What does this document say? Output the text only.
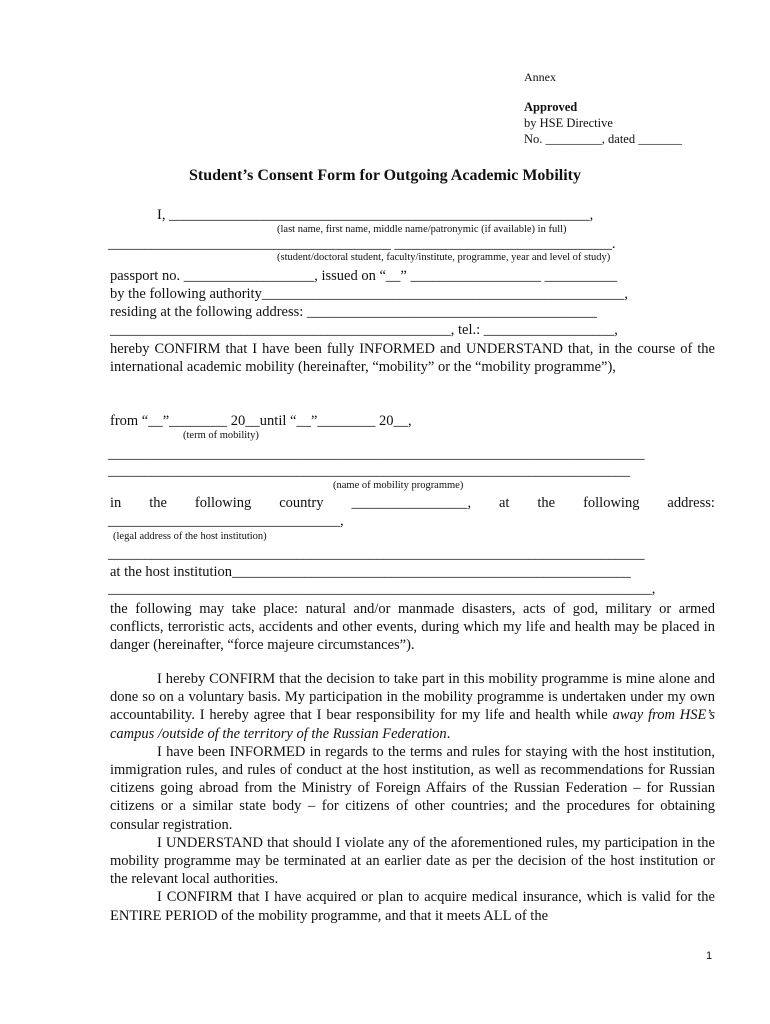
Annex
Approved
by HSE Directive
No. _________, dated _______
Student’s Consent Form for Outgoing Academic Mobility
I, __________________________________________________________,
(last name, first name, middle name/patronymic (if available) in full)
_______________________________________ ______________________________.
(student/doctoral student, faculty/institute, programme, year and level of study)
passport no. __________________, issued on “__” __________________ __________
by the following authority__________________________________________________,
residing at the following address: ________________________________________
_______________________________________________, tel.: __________________,

hereby CONFIRM that I have been fully INFORMED and UNDERSTAND that, in the course of the international academic mobility (hereinafter, “mobility” or the “mobility programme”),

from “__”________ 20__until “__”________ 20__,
(term of mobility)
__________________________________________________________________________
________________________________________________________________________
(name of mobility programme)
in the following country ________________, at the following address:
________________________________,
(legal address of the host institution)
__________________________________________________________________________
at the host institution_______________________________________________________
___________________________________________________________________________,

the following may take place: natural and/or manmade disasters, acts of god, military or armed conflicts, terroristic acts, accidents and other events, during which my life and health may be placed in danger (hereinafter, “force majeure circumstances”).

I hereby CONFIRM that the decision to take part in this mobility programme is mine alone and done so on a voluntary basis. My participation in the mobility programme is undertaken under my own accountability. I hereby agree that I bear responsibility for my life and health while away from HSE’s campus /outside of the territory of the Russian Federation.

I have been INFORMED in regards to the terms and rules for staying with the host institution, immigration rules, and rules of conduct at the host institution, as well as recommendations for Russian citizens going abroad from the Ministry of Foreign Affairs of the Russian Federation – for Russian citizens or a similar state body – for citizens of other countries; and the procedures for obtaining consular registration.

I UNDERSTAND that should I violate any of the aforementioned rules, my participation in the mobility programme may be terminated at an earlier date as per the decision of the host institution or the relevant local authorities.

I CONFIRM that I have acquired or plan to acquire medical insurance, which is valid for the ENTIRE PERIOD of the mobility programme, and that it meets ALL of the

1
